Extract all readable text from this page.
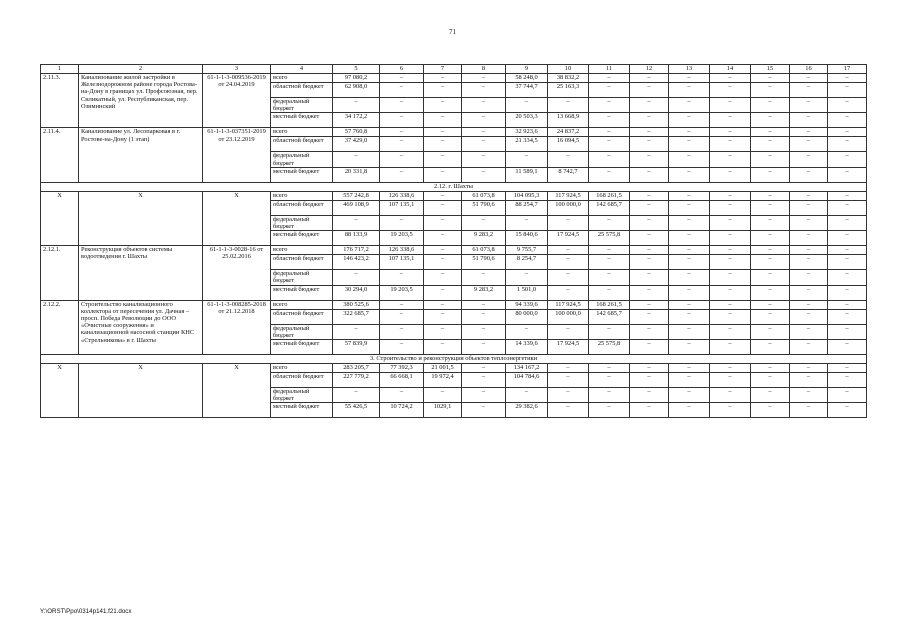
71
1	2	3	4	5	6	7	8	9	10	11	12	13	14	15	16	17
2.11.3.	Канализование жилой застройки в Железнодорожном районе города Ростова-на-Дону в границах ул. Профсоюзная, пер. Силикатный, ул. Республиканская, пер. Озиминский	61-1-1-3-009536-2019 от 24.04.2019	всего	97 080,2	–	–	–	58 248,0	38 832,2	–	–	–	–	–	–	–
			областной бюджет	62 908,0	–	–	–	37 744,7	25 163,3	–	–	–	–	–	–	–
			федеральный бюджет	–	–	–	–	–	–	–	–	–	–	–	–	–
			местный бюджет	34 172,2	–	–	–	20 503,3	13 668,9	–	–	–	–	–	–	–
2.11.4.	Канализование ул. Лесопарковая в г. Ростове-на-Дону (1 этап)	61-1-1-3-037351-2019 от 23.12.2019	всего	57 760,8	–	–	–	32 923,6	24 837,2	–	–	–	–	–	–	–
			областной бюджет	37 429,0	–	–	–	21 334,5	16 094,5	–	–	–	–	–	–	–
			федеральный бюджет	–	–	–	–	–	–	–	–	–	–	–	–	–
			местный бюджет	20 331,8	–	–	–	11 589,1	8 742,7	–	–	–	–	–	–	–
2.12. г. Шахты																
Х	Х	Х	всего	557 242,8	126 338,6	–	61 073,8	104 095,3	117 924,5	168 261,5	–	–	–	–	–	–
			областной бюджет	469 108,9	107 135,1	–	51 790,6	88 254,7	100 000,0	142 685,7	–	–	–	–	–	–
			федеральный бюджет	–	–	–	–	–	–	–	–	–	–	–	–	–
			местный бюджет	88 133,9	19 203,5	–	9 283,2	15 840,6	17 924,5	25 575,8	–	–	–	–	–	–
2.12.1.	Реконструкция объектов системы водоотведения г. Шахты	61-1-1-3-0028-16 от 25.02.2016	всего	176 717,2	126 338,6	–	61 073,8	9 755,7	–	–	–	–	–	–	–	–
			областной бюджет	146 423,2	107 135,1	–	51 790,6	8 254,7	–	–	–	–	–	–	–	–
			федеральный бюджет	–	–	–	–	–	–	–	–	–	–	–	–	–
			местный бюджет	30 294,0	19 203,5	–	9 283,2	1 501,0	–	–	–	–	–	–	–	–
2.12.2.	Строительство канализационного коллектора от пересечения ул. Дачная – просп. Победа Революции до ООО «Очистные сооружения» и канализационной насосной станции КНС «Стрельникова» в г. Шахты	61-1-1-3-008285-2018 от 21.12.2018	всего	380 525,6	–	–	–	94 339,6	117 924,5	168 261,5	–	–	–	–	–	–
			областной бюджет	322 685,7	–	–	–	80 000,0	100 000,0	142 685,7	–	–	–	–	–	–
			федеральный бюджет	–	–	–	–	–	–	–	–	–	–	–	–	–
			местный бюджет	57 839,9	–	–	–	14 339,6	17 924,5	25 575,8	–	–	–	–	–	–
3. Строительство и реконструкция объектов теплоэнергетики																
Х	Х	Х	всего	283 205,7	77 392,3	21 001,5	–	134 167,2	–	–	–	–	–	–	–	–
			областной бюджет	227 779,2	66 668,1	19 972,4	–	104 784,6	–	–	–	–	–	–	–	–
			федеральный бюджет	–	–	–	–	–	–	–	–	–	–	–	–	–
			местный бюджет	55 426,5	10 724,2	1029,1	–	29 382,6	–	–	–	–	–	–	–	–
Y:\ORST\Ppo\0314p141.f21.docx
